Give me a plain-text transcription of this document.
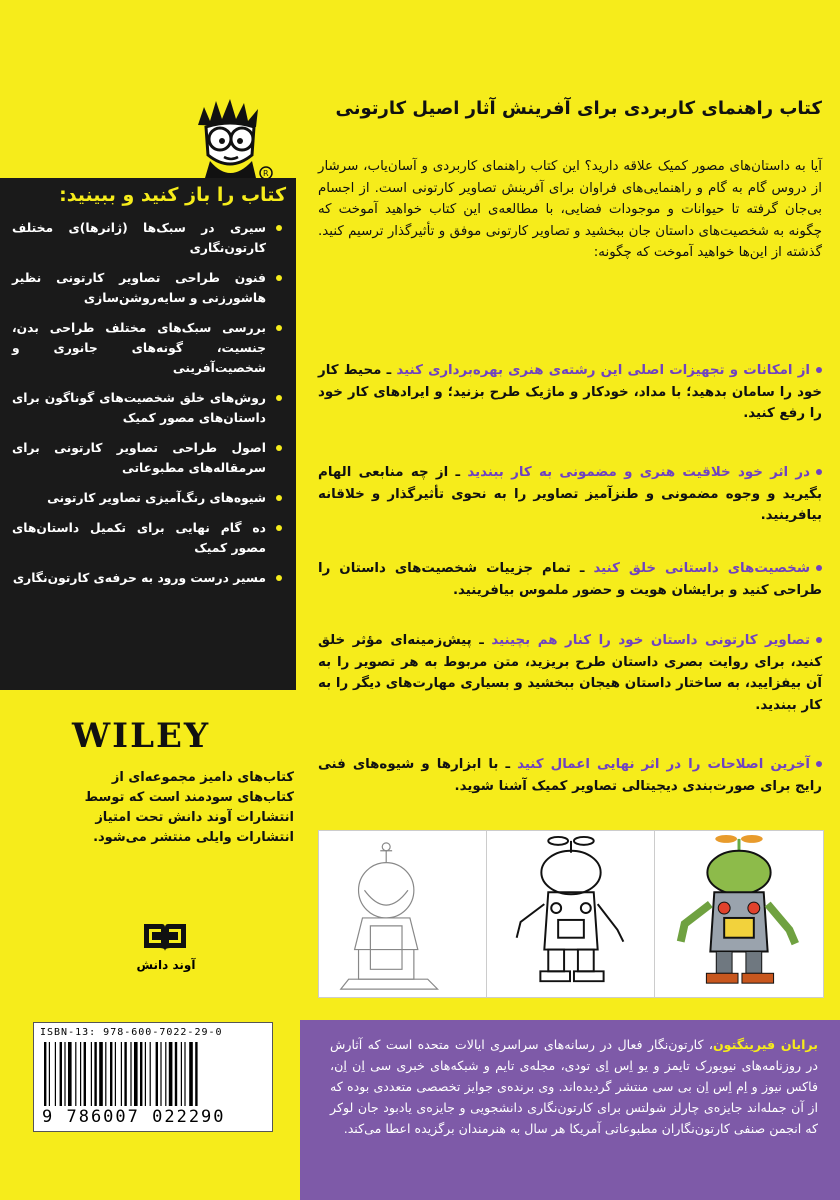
R
کتاب را باز کنید و ببینید:
سیری در سبک‌ها (ژانرها)ی مختلف کارتون‌نگاری
فنون طراحی تصاویر کارتونی نظیر هاشورزنی و سایه‌روشن‌سازی
بررسی سبک‌های مختلف طراحی بدن، جنسیت، گونه‌های جانوری و شخصیت‌آفرینی
روش‌های خلق شخصیت‌های گوناگون برای داستان‌های مصور کمیک
اصول طراحی تصاویر کارتونی برای سرمقاله‌های مطبوعاتی
شیوه‌های رنگ‌آمیزی تصاویر کارتونی
ده گام نهایی برای تکمیل داستان‌های مصور کمیک
مسیر درست ورود به حرفه‌ی کارتون‌نگاری
WILEY
کتاب‌های دامیز مجموعه‌ای از کتاب‌های سودمند است که توسط انتشارات آوند دانش تحت امتیاز انتشارات وایلی منتشر می‌شود.
آوند دانش
ISBN-13: 978-600-7022-29-0
9 786007 022290
کتاب راهنمای کاربردی برای آفرینش آثار اصیل کارتونی
آیا به داستان‌های مصور کمیک علاقه دارید؟ این کتاب راهنمای کاربردی و آسان‌یاب، سرشار از دروس گام به گام و راهنمایی‌های فراوان برای آفرینش تصاویر کارتونی است. از اجسام بی‌جان گرفته تا حیوانات و موجودات فضایی، با مطالعه‌ی این کتاب خواهید آموخت که چگونه به شخصیت‌های داستان جان ببخشید و تصاویر کارتونی موفق و تأثیرگذار ترسیم کنید. گذشته از این‌ها خواهید آموخت که چگونه:
از امکانات و تجهیزات اصلی این رشته‌ی هنری بهره‌برداری کنید ـ محیط کار خود را سامان بدهید؛ با مداد، خودکار و ماژیک طرح بزنید؛ و ایرادهای کار خود را رفع کنید.
در اثر خود خلاقیت هنری و مضمونی به کار ببندید ـ از چه منابعی الهام بگیرید و وجوه مضمونی و طنزآمیز تصاویر را به نحوی تأثیرگذار و خلاقانه بیافرینید.
شخصیت‌های داستانی خلق کنید ـ تمام جزییات شخصیت‌های داستان را طراحی کنید و برایشان هویت و حضور ملموس بیافرینید.
تصاویر کارتونی داستان خود را کنار هم بچینید ـ پیش‌زمینه‌ای مؤثر خلق کنید، برای روایت بصری داستان طرح بریزید، متن مربوط به هر تصویر را به آن بیفزایید، به ساختار داستان هیجان ببخشید و بسیاری مهارت‌های دیگر را به کار ببندید.
آخرین اصلاحات را در اثر نهایی اعمال کنید ـ با ابزارها و شیوه‌های فنی رایج برای صورت‌بندی دیجیتالی تصاویر کمیک آشنا شوید.

برایان فیرینگتون، کارتون‌نگار فعال در رسانه‌های سراسری ایالات متحده است که آثارش در روزنامه‌های نیویورک تایمز و یو اِس اِی تودی، مجله‌ی تایم و شبکه‌های خبری سی اِن اِن، فاکس نیوز و اِم اِس اِن بی سی منتشر گردیده‌اند. وی برنده‌ی جوایز تخصصی متعددی بوده که از آن جمله‌اند جایزه‌ی چارلز شولتس برای کارتون‌نگاری دانشجویی و جایزه‌ی یادبود جان لوکر که انجمن صنفی کارتون‌نگاران مطبوعاتی آمریکا هر سال به هنرمندان برگزیده اعطا می‌کند.
